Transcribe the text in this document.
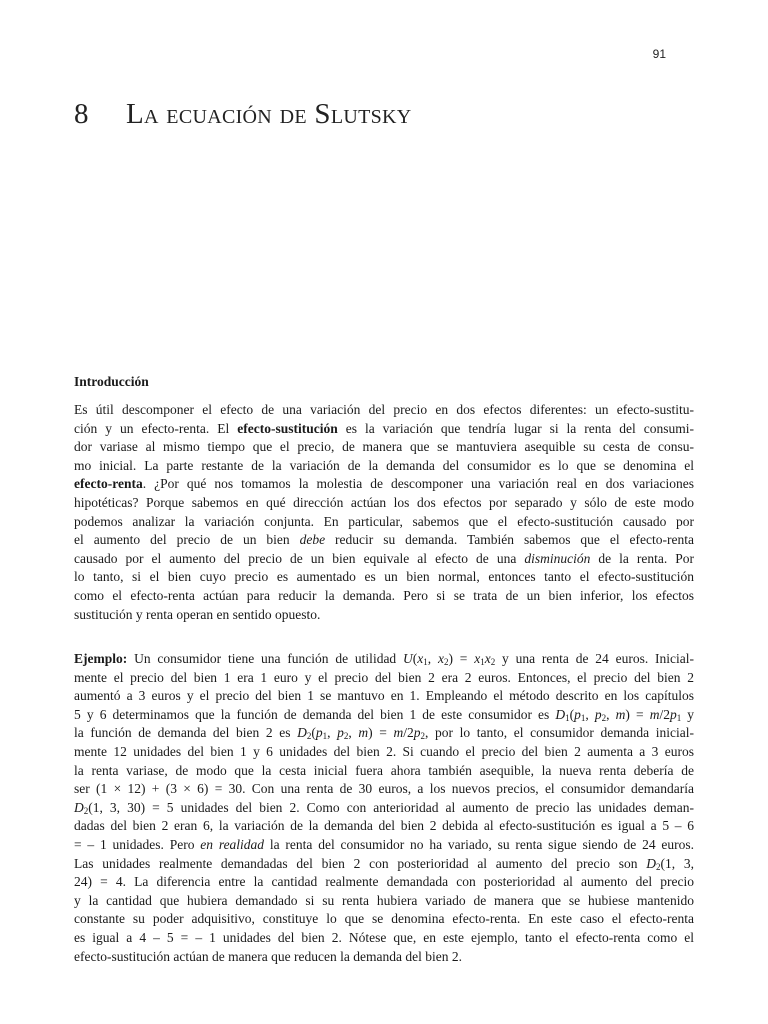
91
8 La ecuación de Slutsky
Introducción
Es útil descomponer el efecto de una variación del precio en dos efectos diferentes: un efecto-sustitu-
ción y un efecto-renta. El efecto-sustitución es la variación que tendría lugar si la renta del consumi-
dor variase al mismo tiempo que el precio, de manera que se mantuviera asequible su cesta de consu-
mo inicial. La parte restante de la variación de la demanda del consumidor es lo que se denomina el
efecto-renta. ¿Por qué nos tomamos la molestia de descomponer una variación real en dos variaciones
hipotéticas? Porque sabemos en qué dirección actúan los dos efectos por separado y sólo de este modo
podemos analizar la variación conjunta. En particular, sabemos que el efecto-sustitución causado por
el aumento del precio de un bien debe reducir su demanda. También sabemos que el efecto-renta
causado por el aumento del precio de un bien equivale al efecto de una disminución de la renta. Por
lo tanto, si el bien cuyo precio es aumentado es un bien normal, entonces tanto el efecto-sustitución
como el efecto-renta actúan para reducir la demanda. Pero si se trata de un bien inferior, los efectos
sustitución y renta operan en sentido opuesto.
Ejemplo: Un consumidor tiene una función de utilidad $U(x_1$, $x_2) = x_1x_2$ y una renta de 24 euros. Inicial-
mente el precio del bien 1 era 1 euro y el precio del bien 2 era 2 euros. Entonces, el precio del bien 2
aumentó a 3 euros y el precio del bien 1 se mantuvo en 1. Empleando el método descrito en los capítulos
5 y 6 determinamos que la función de demanda del bien 1 de este consumidor es $D_1(p_1$, $p_2$, $m) = m/2p_1$ y
la función de demanda del bien 2 es $D_2(p_1$, $p_2$, $m) = m/2p_2$, por lo tanto, el consumidor demanda inicial-
mente 12 unidades del bien 1 y 6 unidades del bien 2. Si cuando el precio del bien 2 aumenta a 3 euros
la renta variase, de modo que la cesta inicial fuera ahora también asequible, la nueva renta debería de
ser (1 × 12) + (3 × 6) = 30. Con una renta de 30 euros, a los nuevos precios, el consumidor demandaría
$D_2(1$, 3, 30) = 5 unidades del bien 2. Como con anterioridad al aumento de precio las unidades deman-
dadas del bien 2 eran 6, la variación de la demanda del bien 2 debida al efecto-sustitución es igual a 5 – 6
= – 1 unidades. Pero en realidad la renta del consumidor no ha variado, su renta sigue siendo de 24 euros.
Las unidades realmente demandadas del bien 2 con posterioridad al aumento del precio son $D_2(1$, 3,
24) = 4. La diferencia entre la cantidad realmente demandada con posterioridad al aumento del precio
y la cantidad que hubiera demandado si su renta hubiera variado de manera que se hubiese mantenido
constante su poder adquisitivo, constituye lo que se denomina efecto-renta. En este caso el efecto-renta
es igual a 4 – 5 = – 1 unidades del bien 2. Nótese que, en este ejemplo, tanto el efecto-renta como el
efecto-sustitución actúan de manera que reducen la demanda del bien 2.
